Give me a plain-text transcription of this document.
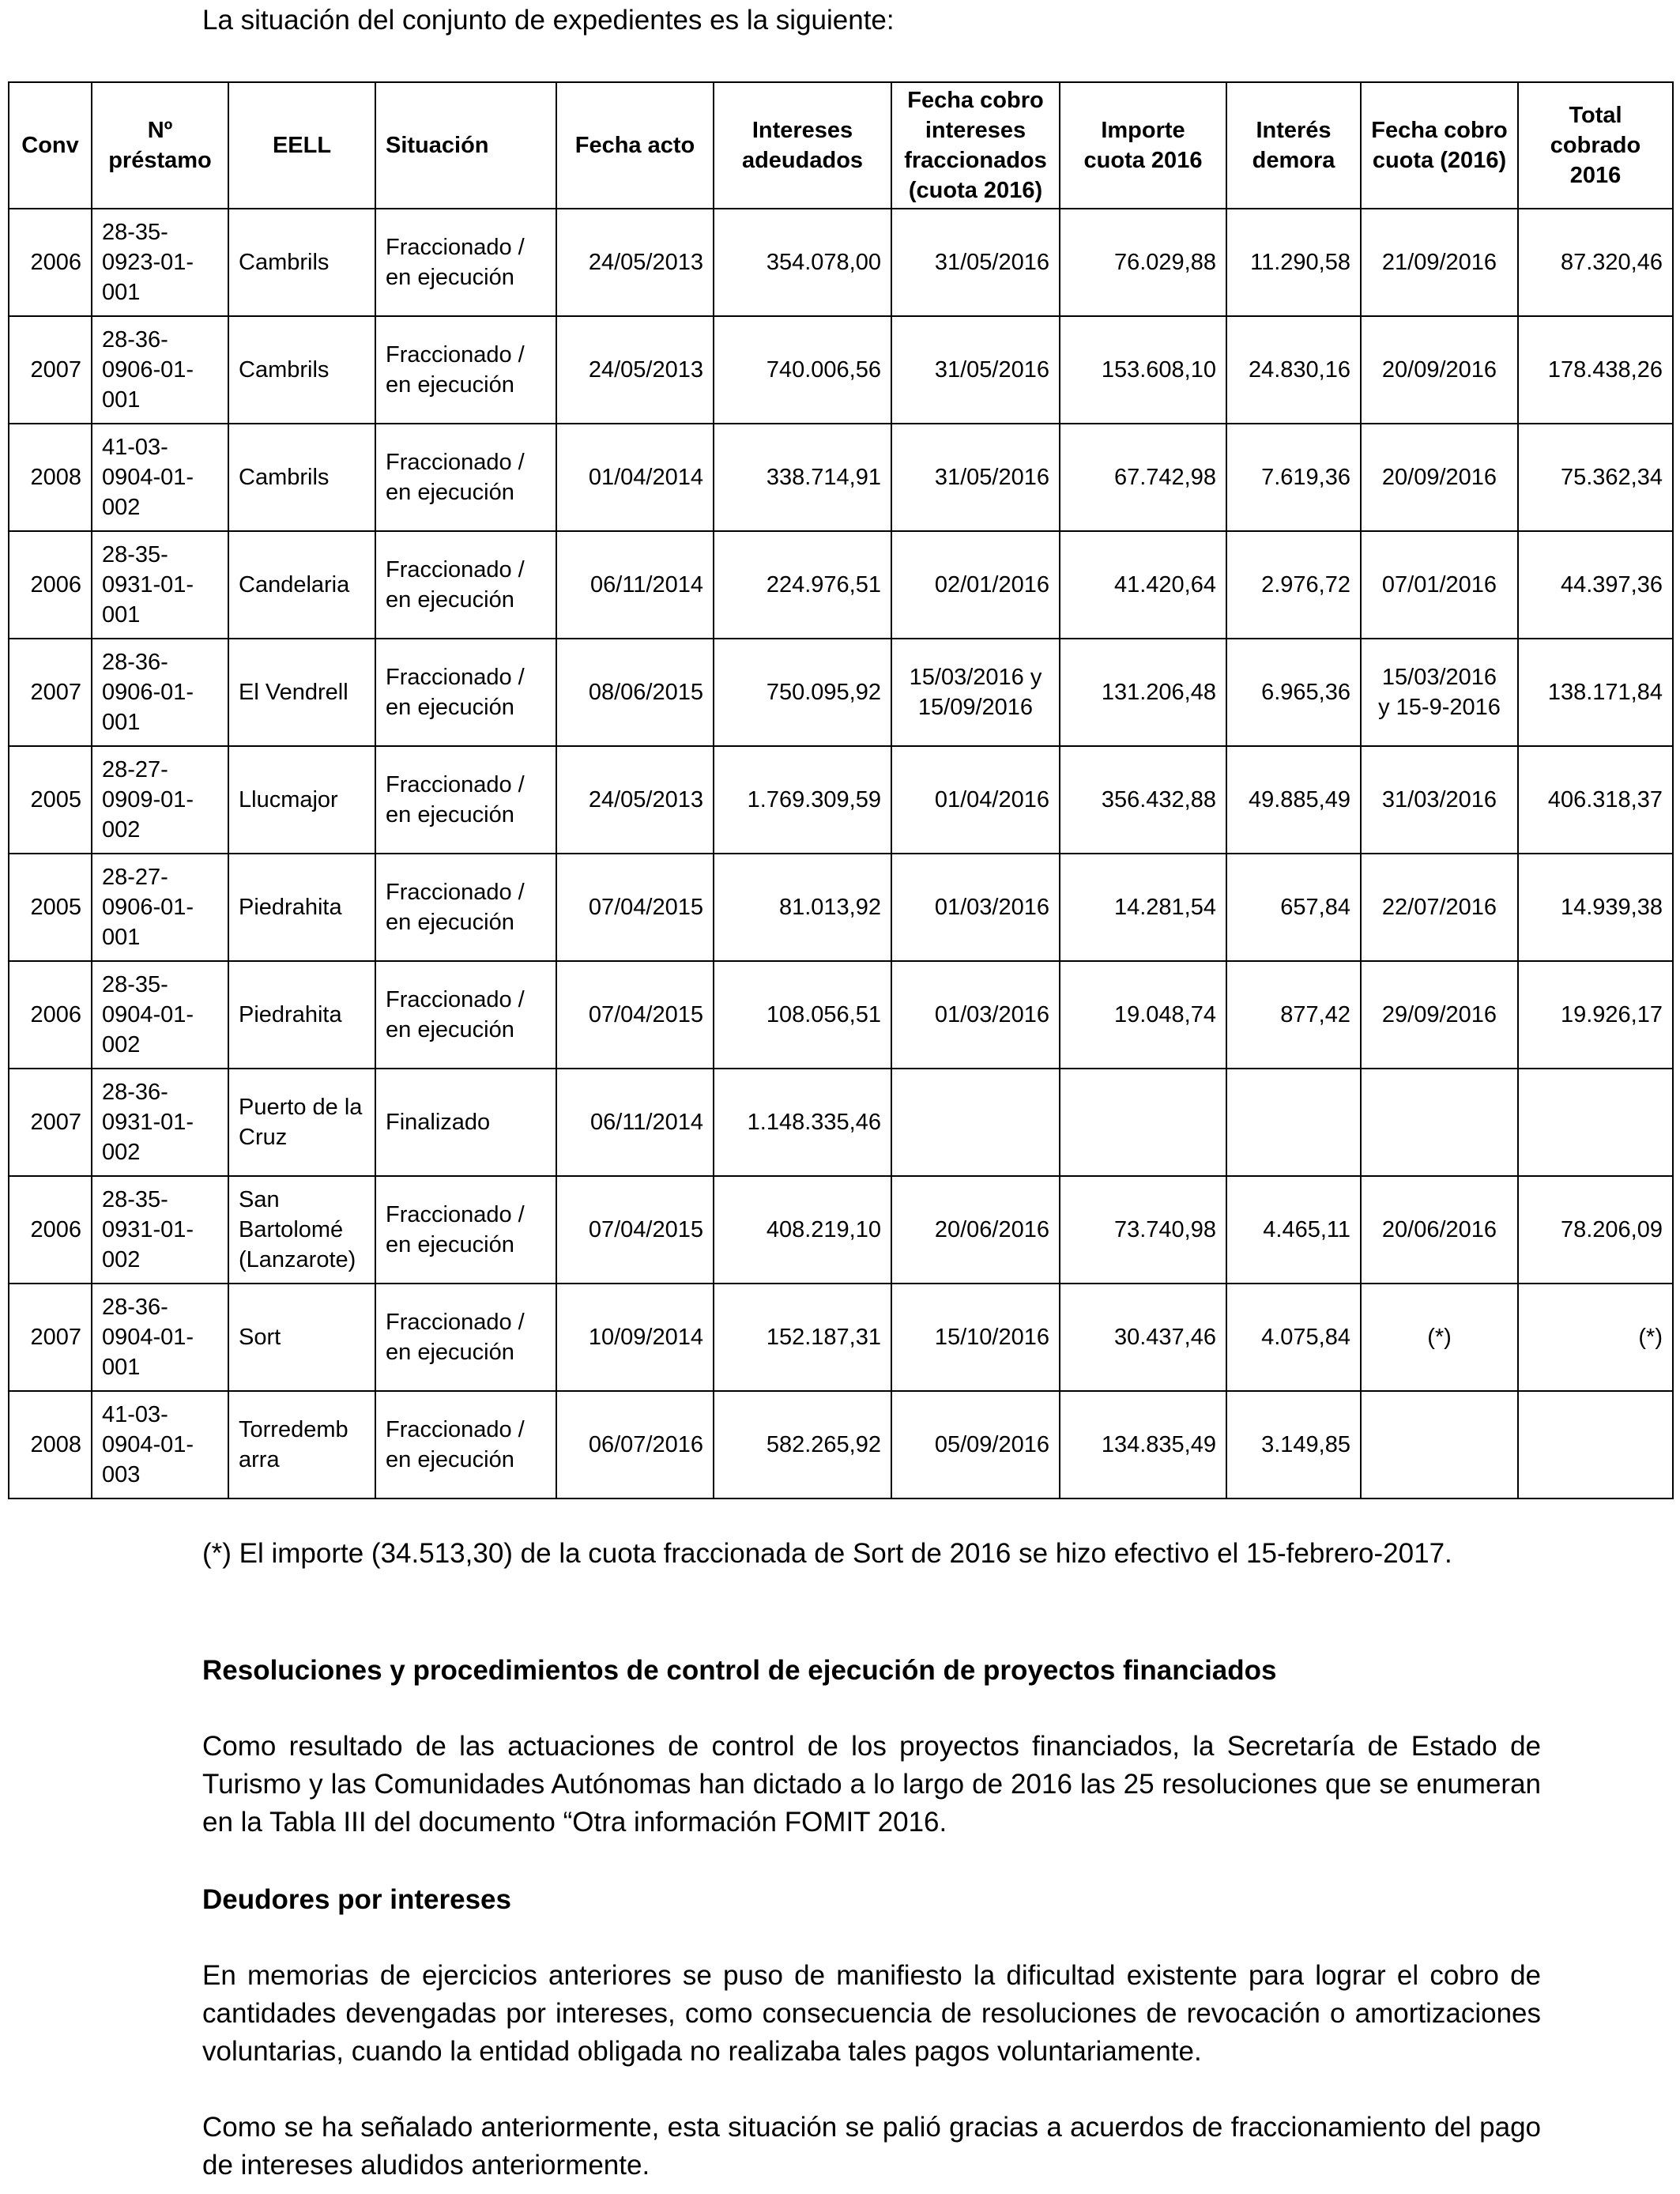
La situación del conjunto de expedientes es la siguiente:
Conv	Nº
préstamo	EELL	Situación	Fecha acto	Intereses
adeudados	Fecha cobro
intereses
fraccionados
(cuota 2016)	Importe
cuota 2016	Interés
demora	Fecha cobro
cuota (2016)	Total
cobrado
2016
2006	28-35-
0923-01-
001	Cambrils	Fraccionado /
en ejecución	24/05/2013	354.078,00	31/05/2016	76.029,88	11.290,58	21/09/2016	87.320,46
2007	28-36-
0906-01-
001	Cambrils	Fraccionado /
en ejecución	24/05/2013	740.006,56	31/05/2016	153.608,10	24.830,16	20/09/2016	178.438,26
2008	41-03-
0904-01-
002	Cambrils	Fraccionado /
en ejecución	01/04/2014	338.714,91	31/05/2016	67.742,98	7.619,36	20/09/2016	75.362,34
2006	28-35-
0931-01-
001	Candelaria	Fraccionado /
en ejecución	06/11/2014	224.976,51	02/01/2016	41.420,64	2.976,72	07/01/2016	44.397,36
2007	28-36-
0906-01-
001	El Vendrell	Fraccionado /
en ejecución	08/06/2015	750.095,92	15/03/2016 y
15/09/2016	131.206,48	6.965,36	15/03/2016
y 15-9-2016	138.171,84
2005	28-27-
0909-01-
002	Llucmajor	Fraccionado /
en ejecución	24/05/2013	1.769.309,59	01/04/2016	356.432,88	49.885,49	31/03/2016	406.318,37
2005	28-27-
0906-01-
001	Piedrahita	Fraccionado /
en ejecución	07/04/2015	81.013,92	01/03/2016	14.281,54	657,84	22/07/2016	14.939,38
2006	28-35-
0904-01-
002	Piedrahita	Fraccionado /
en ejecución	07/04/2015	108.056,51	01/03/2016	19.048,74	877,42	29/09/2016	19.926,17
2007	28-36-
0931-01-
002	Puerto de la
Cruz	Finalizado	06/11/2014	1.148.335,46					
2006	28-35-
0931-01-
002	San
Bartolomé
(Lanzarote)	Fraccionado /
en ejecución	07/04/2015	408.219,10	20/06/2016	73.740,98	4.465,11	20/06/2016	78.206,09
2007	28-36-
0904-01-
001	Sort	Fraccionado /
en ejecución	10/09/2014	152.187,31	15/10/2016	30.437,46	4.075,84	(*)	(*)
2008	41-03-
0904-01-
003	Torredemb
arra	Fraccionado /
en ejecución	06/07/2016	582.265,92	05/09/2016	134.835,49	3.149,85		
(*) El importe (34.513,30) de la cuota fraccionada de Sort de 2016 se hizo efectivo el 15-febrero-2017.
Resoluciones y procedimientos de control de ejecución de proyectos financiados
Como resultado de las actuaciones de control de los proyectos financiados, la Secretaría de Estado de Turismo y las Comunidades Autónomas han dictado a lo largo de 2016 las 25 resoluciones que se enumeran en la Tabla III del documento “Otra información FOMIT 2016.
Deudores por intereses
En memorias de ejercicios anteriores se puso de manifiesto la dificultad existente para lograr el cobro de cantidades devengadas por intereses, como consecuencia de resoluciones de revocación o amortizaciones voluntarias, cuando la entidad obligada no realizaba tales pagos voluntariamente.
Como se ha señalado anteriormente, esta situación se palió gracias a acuerdos de fraccionamiento del pago de intereses aludidos anteriormente.
